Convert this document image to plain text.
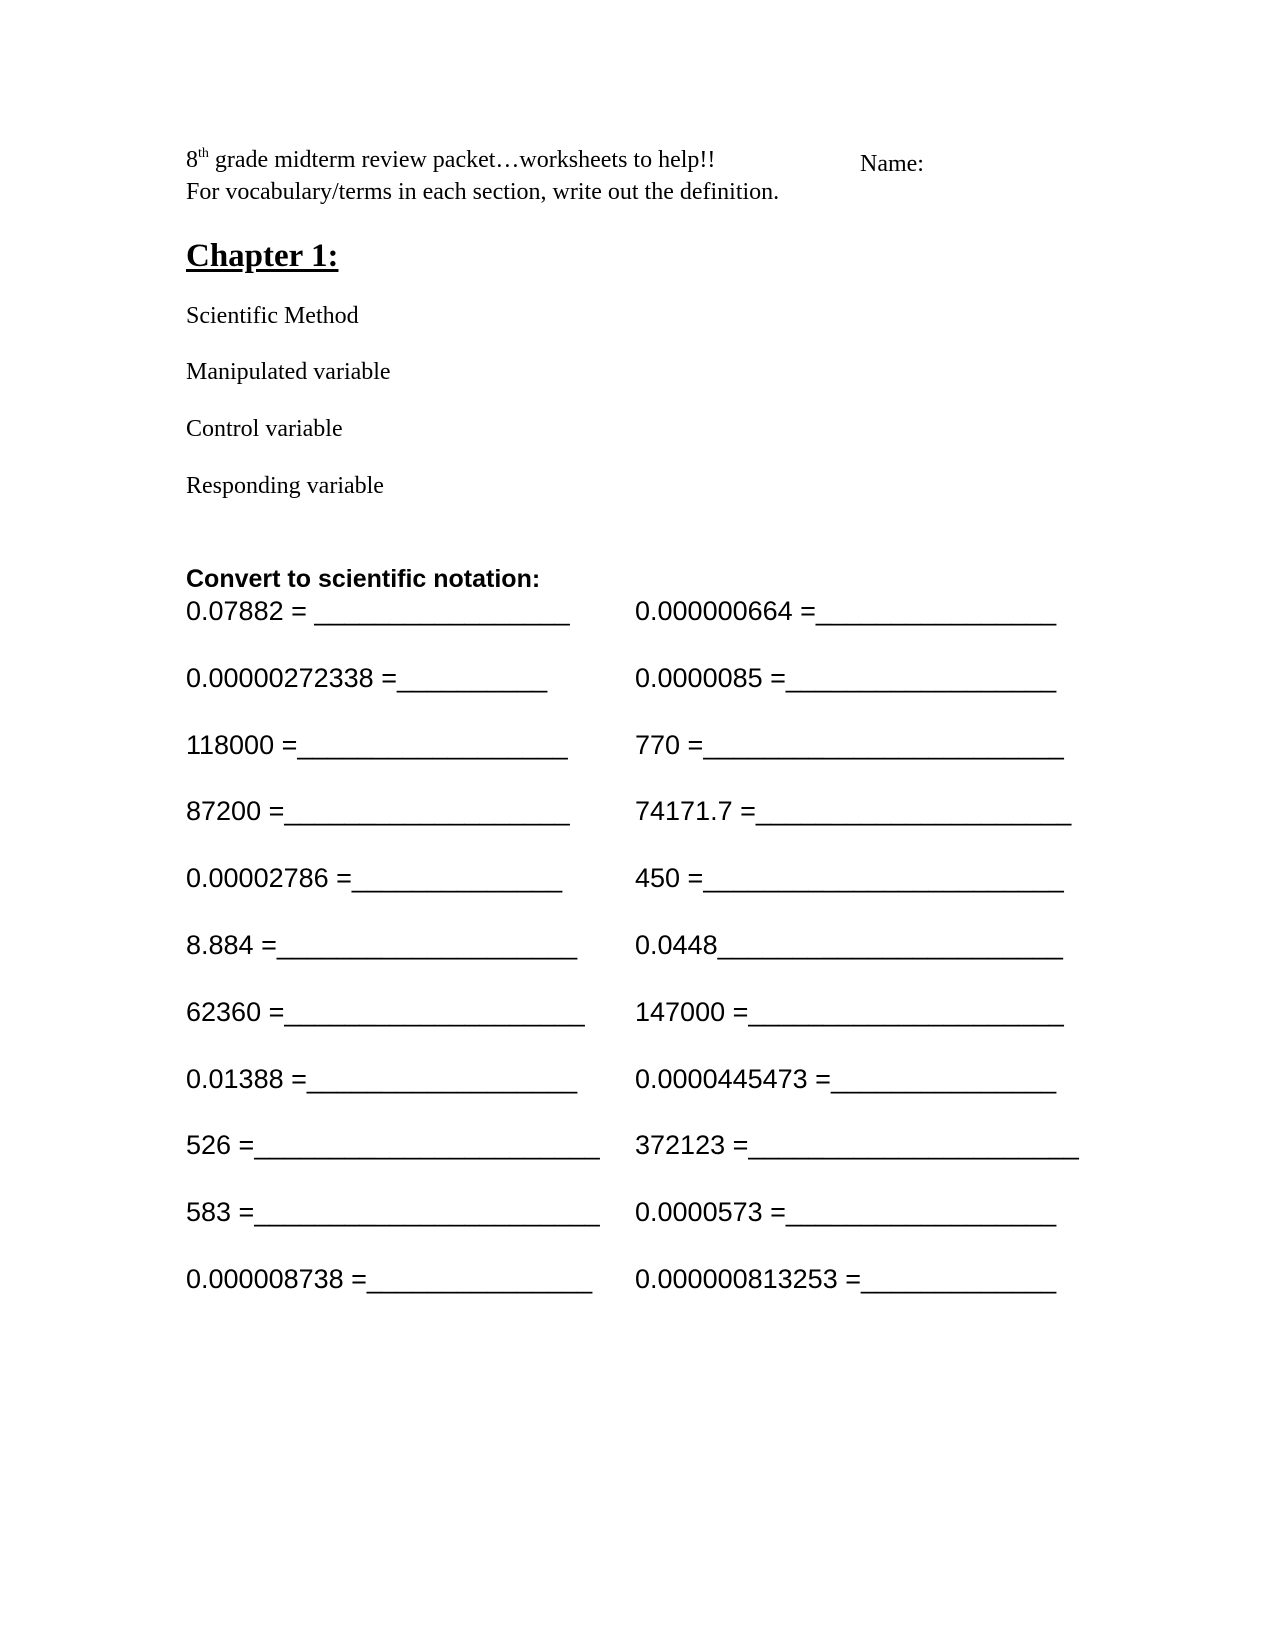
8th grade midterm review packet…worksheets to help!!	Name:
For vocabulary/terms in each section, write out the definition.
Chapter 1:
Scientific Method
Manipulated variable
Control variable
Responding variable
Convert to scientific notation:
0.07882 = _________________ 0.000000664 =________________
0.00000272338 =__________	0.0000085 =__________________
118000 =__________________ 770 =________________________
87200 =___________________ 74171.7 =_____________________
0.00002786 =______________	450 =________________________
8.884 =____________________ 0.0448_______________________
62360 =____________________ 147000 =_____________________
0.01388 =__________________ 0.0000445473 =_______________
526 =_______________________ 372123 =______________________
583 =_______________________ 0.0000573 =__________________
0.000008738 =_______________ 0.000000813253 =_____________
